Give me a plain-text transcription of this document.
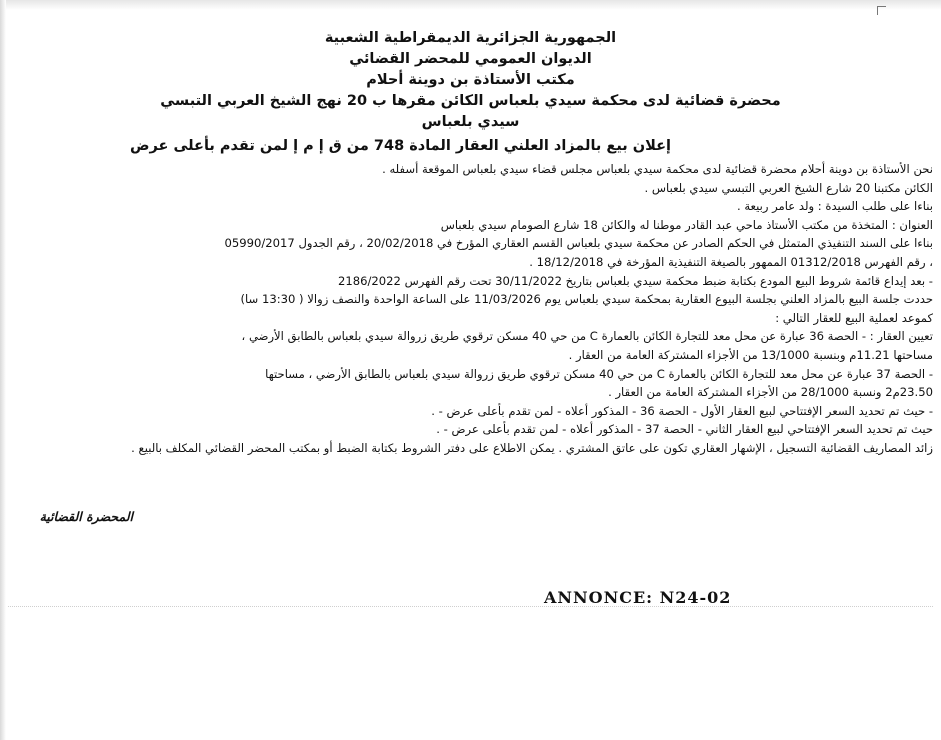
الجمهورية الجزائرية الديمقراطية الشعبية
الديوان العمومي للمحضر القضائي
مكتب الأستاذة بن دوينة أحلام
محضرة قضائية لدى محكمة سيدي بلعباس الكائن مقرها ب 20 نهج الشيخ العربي التبسي
سيدي بلعباس
إعلان بيع بالمزاد العلني العقار المادة 748 من ق إ م إ لمن تقدم بأعلى عرض
نحن الأستاذة بن دوينة أحلام محضرة قضائية لدى محكمة سيدي بلعباس مجلس قضاء سيدي بلعباس الموقعة أسفله .
الكائن مكتبنا 20 شارع الشيخ العربي التبسي سيدي بلعباس .
بناءا على طلب السيدة : ولد عامر ربيعة .
العنوان : المتخذة من مكتب الأستاذ ماحي عبد القادر موطنا له والكائن 18 شارع الصومام سيدي بلعباس
بناءا على السند التنفيذي المتمثل في الحكم الصادر عن محكمة سيدي بلعباس القسم العقاري المؤرخ في 20/02/2018 ، رقم الجدول 05990/2017
، رقم الفهرس 01312/2018 الممهور بالصيغة التنفيذية المؤرخة في 18/12/2018 .
- بعد إيداع قائمة شروط البيع المودع بكتابة ضبط محكمة سيدي بلعباس بتاريخ 30/11/2022 تحت رقم الفهرس 2186/2022
حددت جلسة البيع بالمزاد العلني بجلسة البيوع العقارية بمحكمة سيدي بلعباس يوم 11/03/2026 على الساعة الواحدة والنصف زوالا ( 13:30 سا)
كموعد لعملية البيع للعقار التالي :
تعيين العقار : - الحصة 36 عبارة عن محل معد للتجارة الكائن بالعمارة C من حي 40 مسكن ترقوي طريق زروالة سيدي بلعباس بالطابق الأرضي ،
مساحتها 11.21م وبنسبة 13/1000 من الأجزاء المشتركة العامة من العقار .
- الحصة 37 عبارة عن محل معد للتجارة الكائن بالعمارة C من حي 40 مسكن ترقوي طريق زروالة سيدي بلعباس بالطابق الأرضي ، مساحتها
23.50م2 ونسبة 28/1000 من الأجزاء المشتركة العامة من العقار .
- حيث تم تحديد السعر الإفتتاحي لبيع العقار الأول - الحصة 36 - المذكور أعلاه - لمن تقدم بأعلى عرض - .
حيث تم تحديد السعر الإفتتاحي لبيع العقار الثاني - الحصة 37 - المذكور أعلاه - لمن تقدم بأعلى عرض - .
زائد المصاريف القضائية التسجيل ، الإشهار العقاري تكون على عاتق المشتري . يمكن الاطلاع على دفتر الشروط بكتابة الضبط أو بمكتب المحضر القضائي المكلف بالبيع .
المحضرة القضائية
ANNONCE: N24-02
